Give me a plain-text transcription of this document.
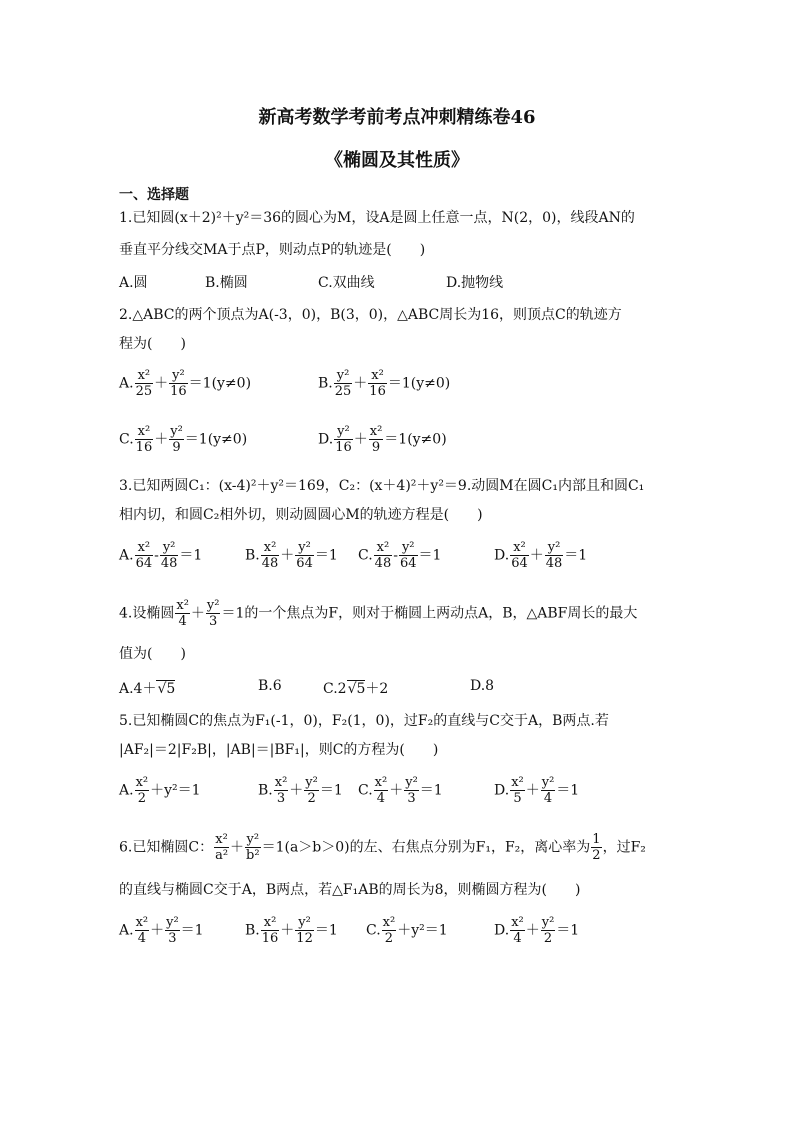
新高考数学考前考点冲刺精练卷46
《椭圆及其性质》
一、选择题
1.已知圆(x＋2)²＋y²＝36的圆心为M，设A是圆上任意一点，N(2，0)，线段AN的
垂直平分线交MA于点P，则动点P的轨迹是(　　)
A.圆	B.椭圆	C.双曲线	D.抛物线
2.△ABC的两个顶点为A(-3，0)，B(3，0)，△ABC周长为16，则顶点C的轨迹方
程为(　　)
A. $\frac{\text{x²}}{25} + \frac{\text{y²}}{16} =1(y\ne 0)$	B. $\frac{\text{y²}}{25} + \frac{\text{x²}}{16} =1(y\ne 0)$
C. $\frac{\text{x²}}{16} + \frac{\text{y²}}{9} =1(y\ne 0)$	D. $\frac{\text{y²}}{16} + \frac{\text{x²}}{9} =1(y\ne 0)$
3.已知两圆C₁：(x-4)²＋y²＝169，C₂：(x＋4)²＋y²＝9.动圆M在圆C₁内部且和圆C₁
相内切，和圆C₂相外切，则动圆圆心M的轨迹方程是(　　)
A. $\frac{\text{x²}}{64} - \frac{\text{y²}}{48} =1$	B. $\frac{\text{x²}}{48} + \frac{\text{y²}}{64} =1$ C. $\frac{\text{x²}}{48} - \frac{\text{y²}}{64} =1$	D. $\frac{\text{x²}}{64} + \frac{\text{y²}}{48} =1$
4.设椭圆 $\frac{\text{x²}}{4} + \frac{\text{y²}}{3} =1$的一个焦点为F，则对于椭圆上两动点A，B，△ABF周长的最大
值为(　　)
A.4＋√5	B.6	C.2√5＋2	D.8
5.已知椭圆C的焦点为F₁(-1，0)，F₂(1，0)，过F₂的直线与C交于A，B两点.若
|AF₂|＝2|F₂B|，|AB|＝|BF₁|，则C的方程为(　　)
A. $\frac{\text{x²}}{2} +y^2=1$	B. $\frac{\text{x²}}{3} + \frac{\text{y²}}{2} =1$ C. $\frac{\text{x²}}{4} + \frac{\text{y²}}{3} =1$	D. $\frac{\text{x²}}{5} + \frac{\text{y²}}{4} =1$
6.已知椭圆C： $\frac{\text{x²}}{\text{a²}} + \frac{\text{y²}}{\text{b²}} =1(a>b>0)$的左、右焦点分别为F₁，F₂，离心率为 $\frac{1}{2}$ ，过F₂
的直线与椭圆C交于A，B两点，若△F₁AB的周长为8，则椭圆方程为(　　)
A. $\frac{\text{x²}}{4} + \frac{\text{y²}}{3} =1$	B. $\frac{\text{x²}}{16} + \frac{\text{y²}}{12} =1$ C. $\frac{\text{x²}}{2} +y^2=1$	D. $\frac{\text{x²}}{4} + \frac{\text{y²}}{2} =1$
